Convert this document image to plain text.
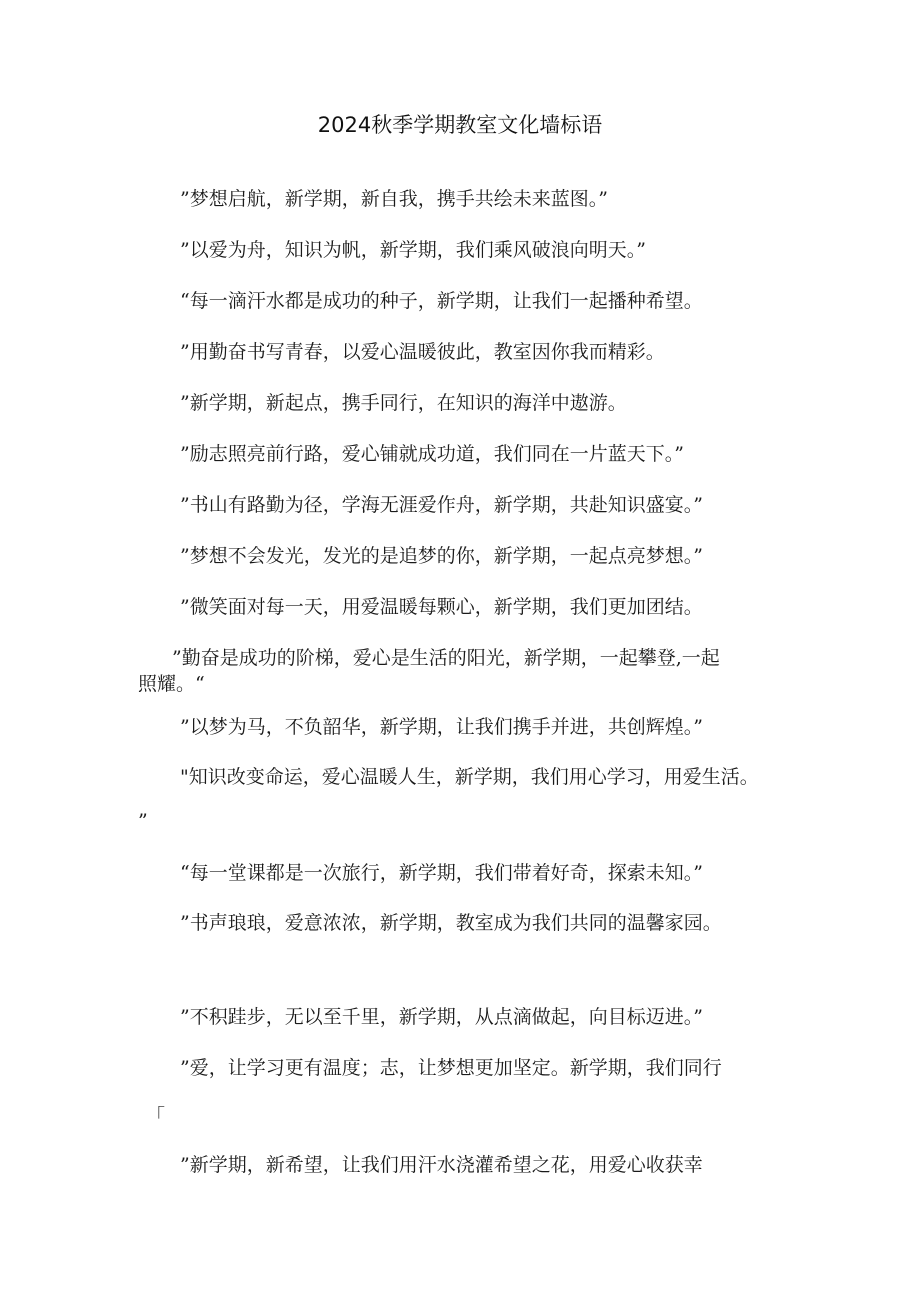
2024秋季学期教室文化墙标语
”梦想启航，新学期，新自我，携手共绘未来蓝图。”
”以爱为舟，知识为帆，新学期，我们乘风破浪向明天。”
“每一滴汗水都是成功的种子，新学期，让我们一起播种希望。
”用勤奋书写青春，以爱心温暖彼此，教室因你我而精彩。
”新学期，新起点，携手同行，在知识的海洋中遨游。
”励志照亮前行路，爱心铺就成功道，我们同在一片蓝天下。”
”书山有路勤为径，学海无涯爱作舟，新学期，共赴知识盛宴。”
”梦想不会发光，发光的是追梦的你，新学期，一起点亮梦想。”
”微笑面对每一天，用爱温暖每颗心，新学期，我们更加团结。
”勤奋是成功的阶梯，爱心是生活的阳光，新学期，一起攀登,一起
照耀。“
”以梦为马，不负韶华，新学期，让我们携手并进，共创辉煌。”
"知识改变命运，爱心温暖人生，新学期，我们用心学习，用爱生活。
”
“每一堂课都是一次旅行，新学期，我们带着好奇，探索未知。”
”书声琅琅，爱意浓浓，新学期，教室成为我们共同的温馨家园。
”不积跬步，无以至千里，新学期，从点滴做起，向目标迈进。”
”爱，让学习更有温度；志，让梦想更加坚定。新学期，我们同行
「
”新学期，新希望，让我们用汗水浇灌希望之花，用爱心收获幸
